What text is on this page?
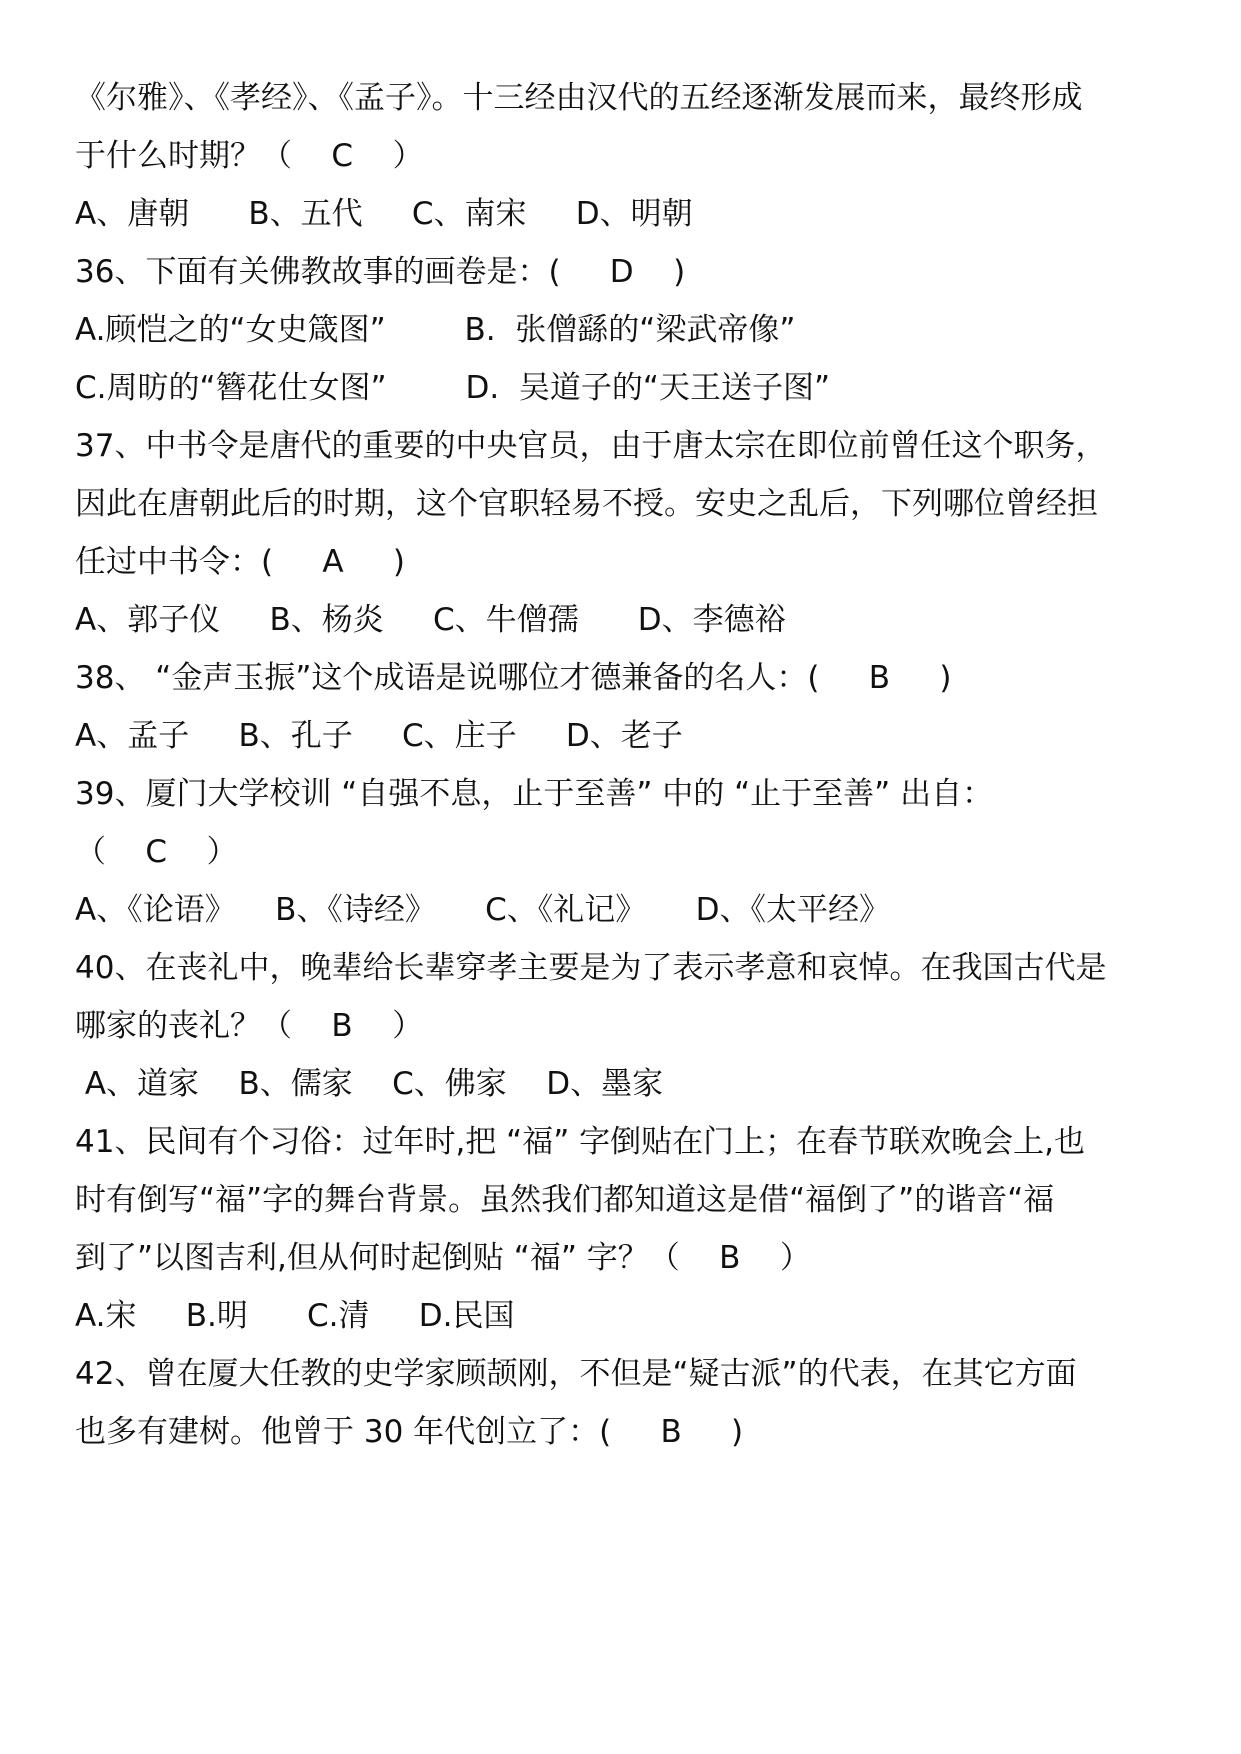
《尔雅》、《孝经》、《孟子》。十三经由汉代的五经逐渐发展而来，最终形成
于什么时期？（    C    ）
A、唐朝      B、五代     C、南宋     D、明朝
36、下面有关佛教故事的画卷是：(     D    )
A.顾恺之的“女史箴图”        B.  张僧繇的“梁武帝像”
C.周昉的“簪花仕女图”        D.  吴道子的“天王送子图”
37、中书令是唐代的重要的中央官员，由于唐太宗在即位前曾任这个职务，
因此在唐朝此后的时期，这个官职轻易不授。安史之乱后，下列哪位曾经担
任过中书令：(     A     )
A、郭子仪     B、杨炎     C、牛僧孺      D、李德裕
38、 “金声玉振”这个成语是说哪位才德兼备的名人：(     B     )
A、孟子     B、孔子     C、庄子     D、老子
39、厦门大学校训 “自强不息，止于至善” 中的 “止于至善” 出自：
（    C    ）
A、《论语》    B、《诗经》     C、《礼记》     D、《太平经》
40、在丧礼中，晚辈给长辈穿孝主要是为了表示孝意和哀悼。在我国古代是
哪家的丧礼？（    B    ）
A、道家    B、儒家    C、佛家    D、墨家
41、民间有个习俗：过年时,把 “福” 字倒贴在门上；在春节联欢晚会上,也
时有倒写“福”字的舞台背景。虽然我们都知道这是借“福倒了”的谐音“福
到了”以图吉利,但从何时起倒贴 “福” 字？（    B    ）
A.宋     B.明      C.清     D.民国
42、曾在厦大任教的史学家顾颉刚，不但是“疑古派”的代表，在其它方面
也多有建树。他曾于 30 年代创立了：(     B     )
